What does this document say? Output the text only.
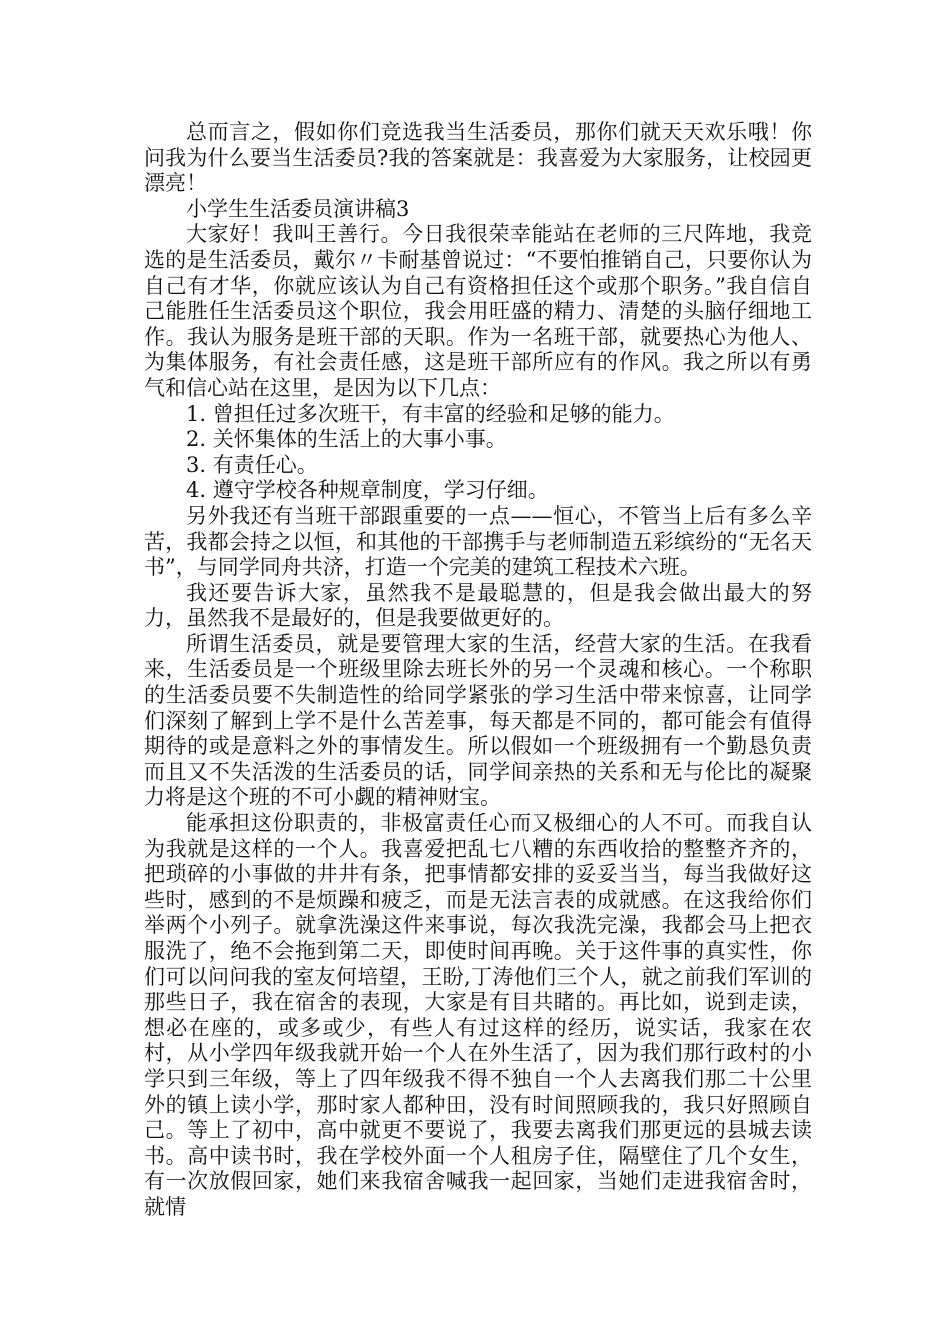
总而言之，假如你们竞选我当生活委员，那你们就天天欢乐哦！你问我为什么要当生活委员?我的答案就是：我喜爱为大家服务，让校园更漂亮！

小学生生活委员演讲稿3

大家好！我叫王善行。今日我很荣幸能站在老师的三尺阵地，我竞选的是生活委员，戴尔〃卡耐基曾说过：“不要怕推销自己，只要你认为自己有才华，你就应该认为自己有资格担任这个或那个职务。”我自信自己能胜任生活委员这个职位，我会用旺盛的精力、清楚的头脑仔细地工作。我认为服务是班干部的天职。作为一名班干部，就要热心为他人、为集体服务，有社会责任感，这是班干部所应有的作风。我之所以有勇气和信心站在这里，是因为以下几点：

1. 曾担任过多次班干，有丰富的经验和足够的能力。

2. 关怀集体的生活上的大事小事。

3. 有责任心。

4. 遵守学校各种规章制度，学习仔细。

另外我还有当班干部跟重要的一点——恒心，不管当上后有多么辛苦，我都会持之以恒，和其他的干部携手与老师制造五彩缤纷的“无名天书”，与同学同舟共济，打造一个完美的建筑工程技术六班。

我还要告诉大家，虽然我不是最聪慧的，但是我会做出最大的努力，虽然我不是最好的，但是我要做更好的。

所谓生活委员，就是要管理大家的生活，经营大家的生活。在我看来，生活委员是一个班级里除去班长外的另一个灵魂和核心。一个称职的生活委员要不失制造性的给同学紧张的学习生活中带来惊喜，让同学们深刻了解到上学不是什么苦差事，每天都是不同的，都可能会有值得期待的或是意料之外的事情发生。所以假如一个班级拥有一个勤恳负责而且又不失活泼的生活委员的话，同学间亲热的关系和无与伦比的凝聚力将是这个班的不可小觑的精神财宝。

能承担这份职责的，非极富责任心而又极细心的人不可。而我自认为我就是这样的一个人。我喜爱把乱七八糟的东西收拾的整整齐齐的，把琐碎的小事做的井井有条，把事情都安排的妥妥当当，每当我做好这些时，感到的不是烦躁和疲乏，而是无法言表的成就感。在这我给你们举两个小列子。就拿洗澡这件来事说，每次我洗完澡，我都会马上把衣服洗了，绝不会拖到第二天，即使时间再晚。关于这件事的真实性，你们可以问问我的室友何培望，王盼,丁涛他们三个人，就之前我们军训的那些日子，我在宿舍的表现，大家是有目共睹的。再比如，说到走读，想必在座的，或多或少，有些人有过这样的经历，说实话，我家在农村，从小学四年级我就开始一个人在外生活了，因为我们那行政村的小学只到三年级，等上了四年级我不得不独自一个人去离我们那二十公里外的镇上读小学，那时家人都种田，没有时间照顾我的，我只好照顾自己。等上了初中，高中就更不要说了，我要去离我们那更远的县城去读书。高中读书时，我在学校外面一个人租房子住，隔壁住了几个女生，有一次放假回家，她们来我宿舍喊我一起回家，当她们走进我宿舍时，就情
